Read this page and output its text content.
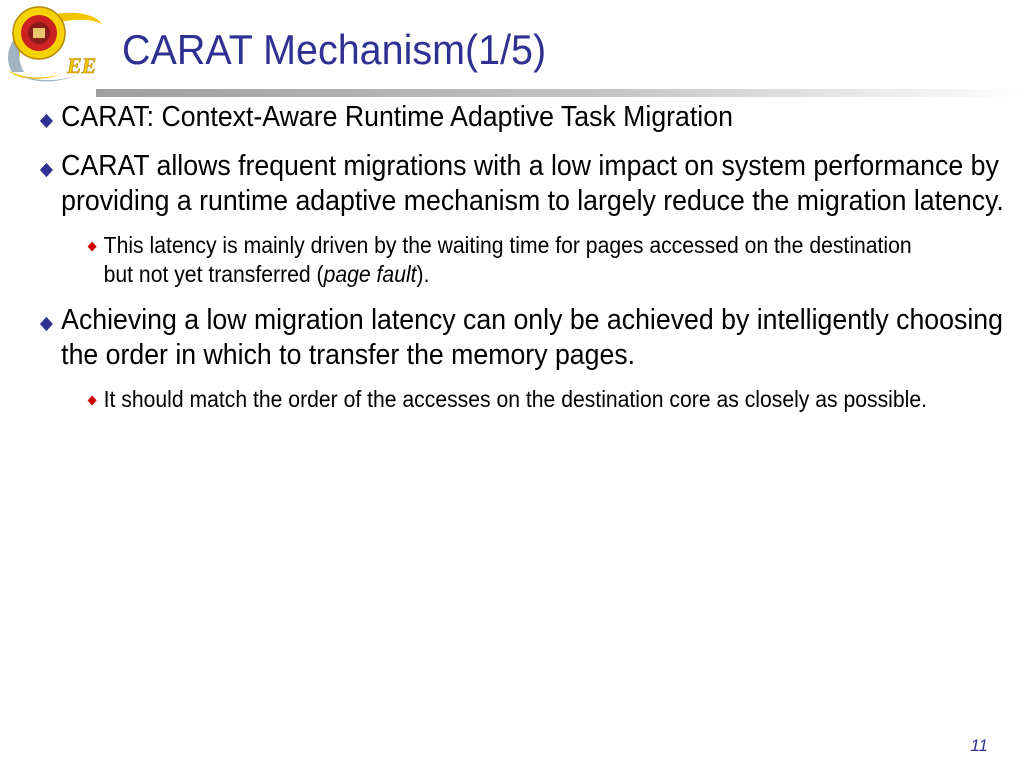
EE CARAT Mechanism(1/5)
CARAT: Context-Aware Runtime Adaptive Task Migration
CARAT allows frequent migrations with a low impact on system performance by providing a runtime adaptive mechanism to largely reduce the migration latency.
This latency is mainly driven by the waiting time for pages accessed on the destination but not yet transferred (page fault).
Achieving a low migration latency can only be achieved by intelligently choosing the order in which to transfer the memory pages.
It should match the order of the accesses on the destination core as closely as possible.
11
